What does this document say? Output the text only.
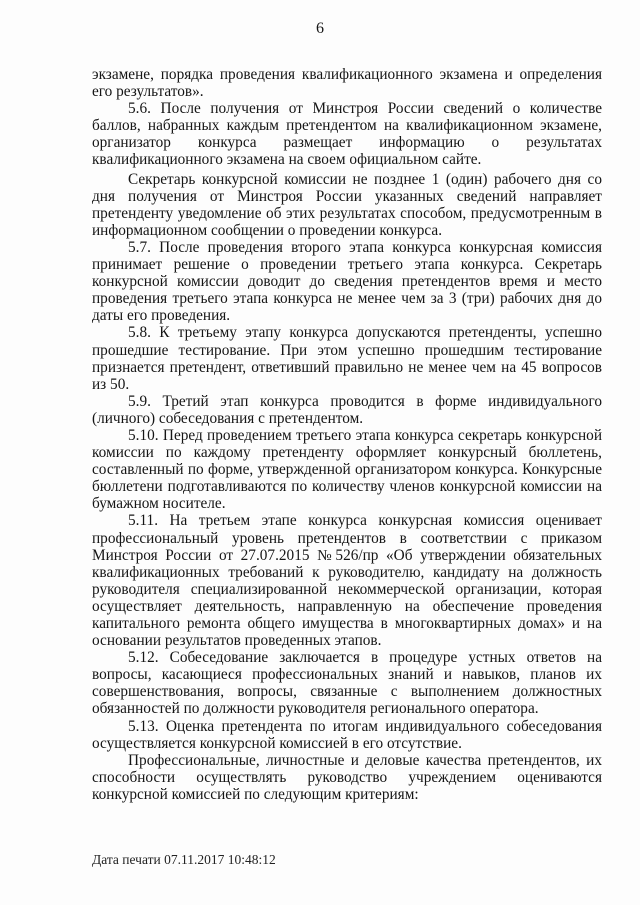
6

экзамене, порядка проведения квалификационного экзамена и определения его результатов».

5.6. После получения от Минстроя России сведений о количестве баллов, набранных каждым претендентом на квалификационном экзамене, организатор конкурса размещает информацию о результатах квалификационного экзамена на своем официальном сайте.

Секретарь конкурсной комиссии не позднее 1 (один) рабочего дня со дня получения от Минстроя России указанных сведений направляет претенденту уведомление об этих результатах способом, предусмотренным в информационном сообщении о проведении конкурса.

5.7. После проведения второго этапа конкурса конкурсная комиссия принимает решение о проведении третьего этапа конкурса. Секретарь конкурсной комиссии доводит до сведения претендентов время и место проведения третьего этапа конкурса не менее чем за 3 (три) рабочих дня до даты его проведения.

5.8. К третьему этапу конкурса допускаются претенденты, успешно прошедшие тестирование. При этом успешно прошедшим тестирование признается претендент, ответивший правильно не менее чем на 45 вопросов из 50.

5.9. Третий этап конкурса проводится в форме индивидуального (личного) собеседования с претендентом.

5.10. Перед проведением третьего этапа конкурса секретарь конкурсной комиссии по каждому претенденту оформляет конкурсный бюллетень, составленный по форме, утвержденной организатором конкурса. Конкурсные бюллетени подготавливаются по количеству членов конкурсной комиссии на бумажном носителе.

5.11. На третьем этапе конкурса конкурсная комиссия оценивает профессиональный уровень претендентов в соответствии с приказом Минстроя России от 27.07.2015 №526/пр «Об утверждении обязательных квалификационных требований к руководителю, кандидату на должность руководителя специализированной некоммерческой организации, которая осуществляет деятельность, направленную на обеспечение проведения капитального ремонта общего имущества в многоквартирных домах» и на основании результатов проведенных этапов.

5.12. Собеседование заключается в процедуре устных ответов на вопросы, касающиеся профессиональных знаний и навыков, планов их совершенствования, вопросы, связанные с выполнением должностных обязанностей по должности руководителя регионального оператора.

5.13. Оценка претендента по итогам индивидуального собеседования осуществляется конкурсной комиссией в его отсутствие.

Профессиональные, личностные и деловые качества претендентов, их способности осуществлять руководство учреждением оцениваются конкурсной комиссией по следующим критериям:

Дата печати 07.11.2017 10:48:12
